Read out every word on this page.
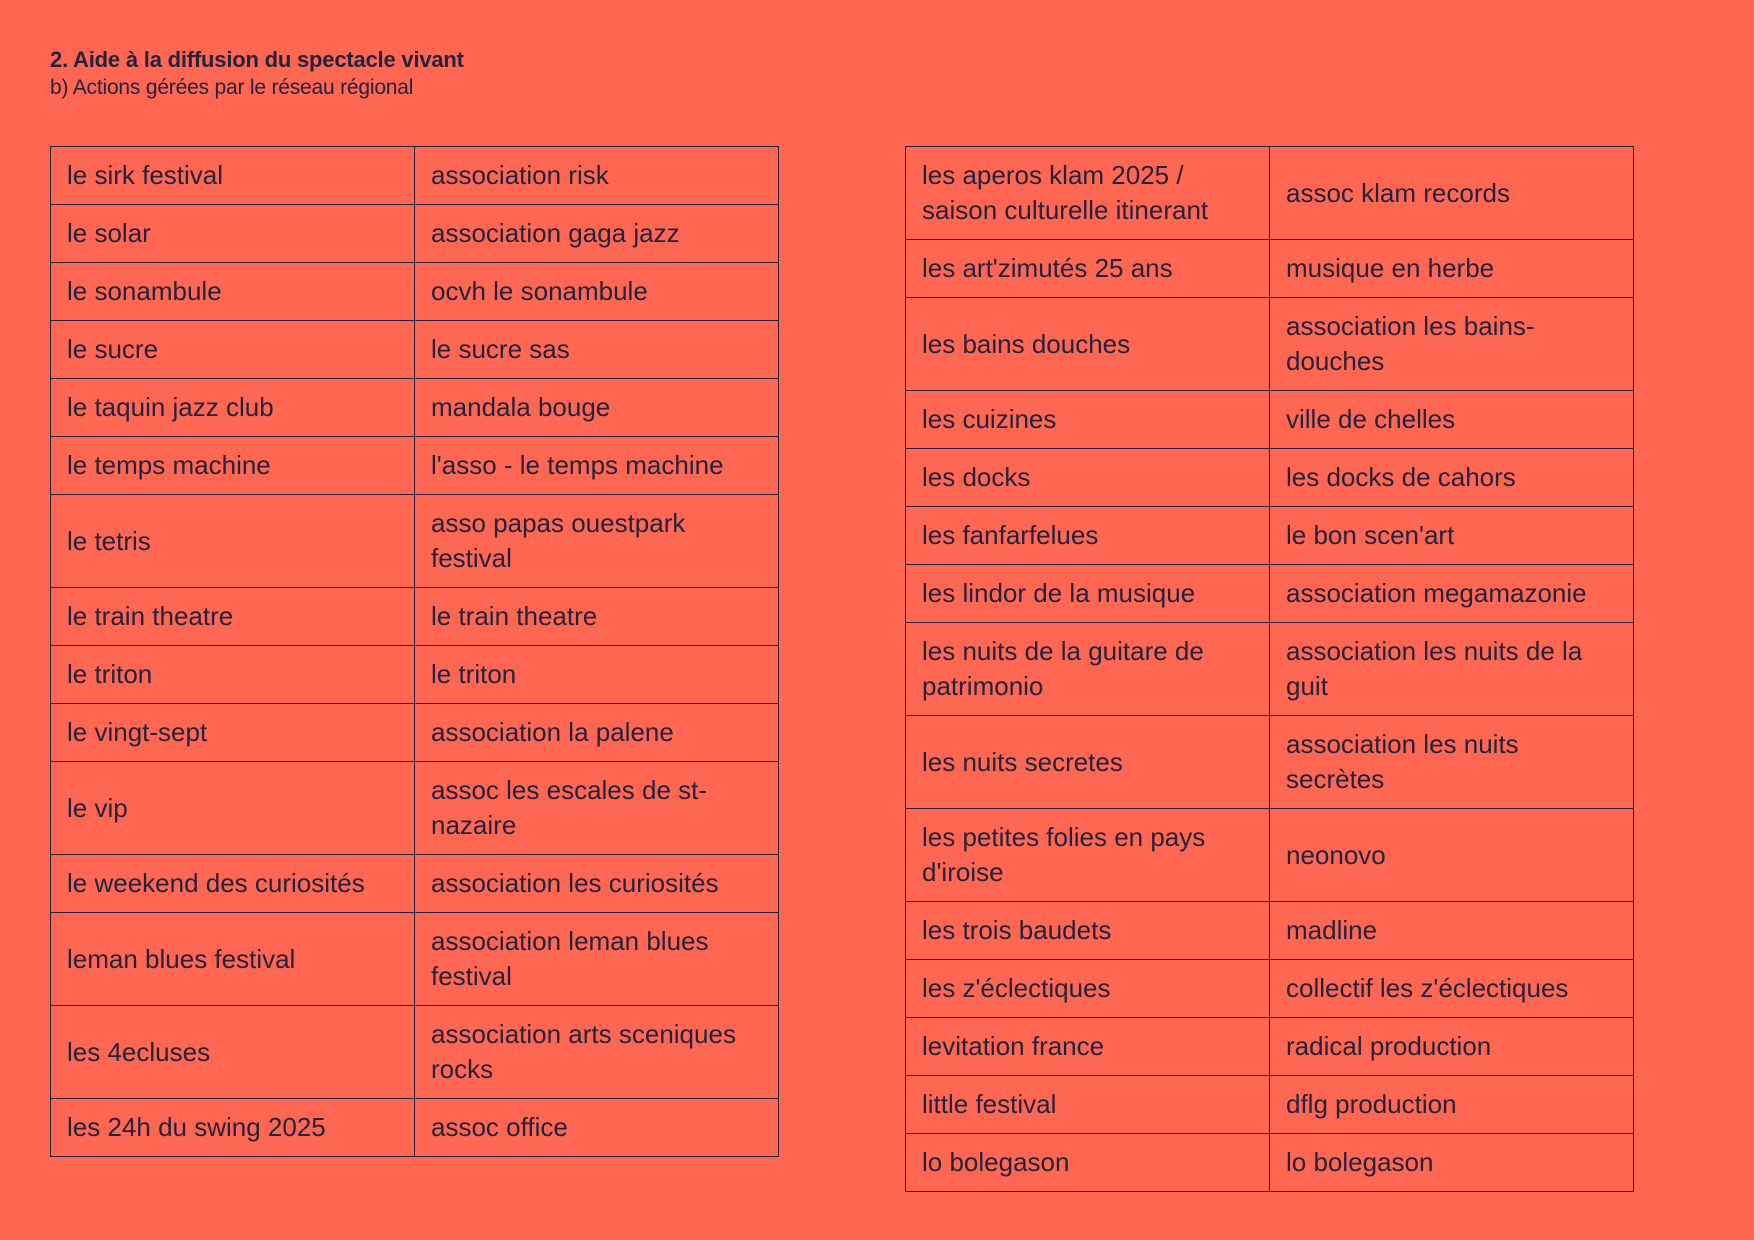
2. Aide à la diffusion du spectacle vivant

b) Actions gérées par le réseau régional

le sirk festival	association risk
le solar	association gaga jazz
le sonambule	ocvh le sonambule
le sucre	le sucre sas
le taquin jazz club	mandala bouge
le temps machine	l'asso - le temps machine
le tetris	asso papas ouestpark festival
le train theatre	le train theatre
le triton	le triton
le vingt-sept	association la palene
le vip	assoc les escales de st-nazaire
le weekend des curiosités	association les curiosités
leman blues festival	association leman blues festival
les 4ecluses	association arts sceniques rocks
les 24h du swing 2025	assoc office
les aperos klam 2025 / saison culturelle itinerant	assoc klam records
les art'zimutés 25 ans	musique en herbe
les bains douches	association les bains-douches
les cuizines	ville de chelles
les docks	les docks de cahors
les fanfarfelues	le bon scen'art
les lindor de la musique	association megamazonie
les nuits de la guitare de patrimonio	association les nuits de la guit
les nuits secretes	association les nuits secrètes
les petites folies en pays d'iroise	neonovo
les trois baudets	madline
les z'éclectiques	collectif les z'éclectiques
levitation france	radical production
little festival	dflg production
lo bolegason	lo bolegason
